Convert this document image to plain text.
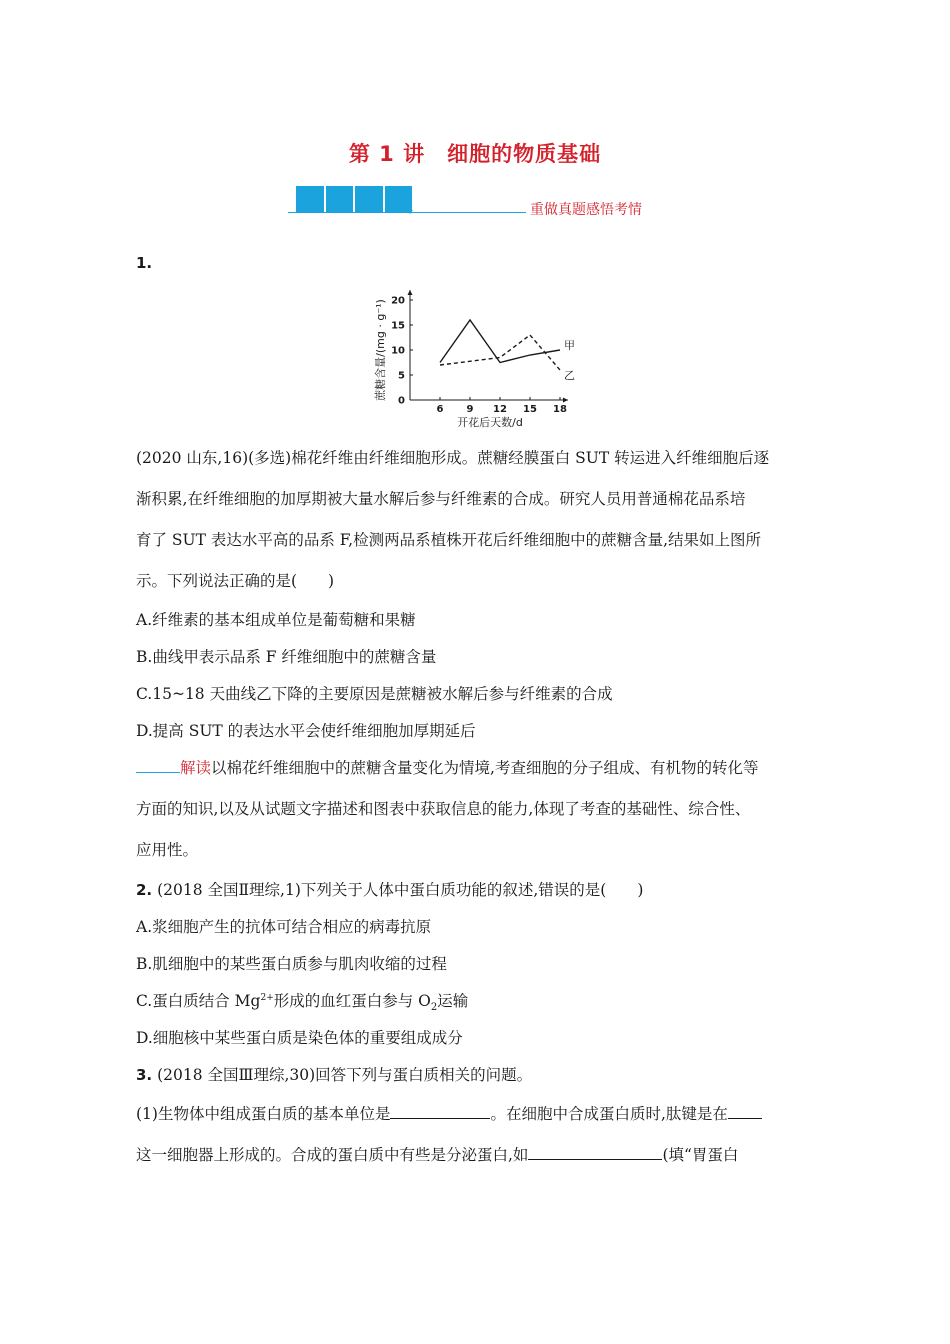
第 1 讲 细胞的物质基础
重做真题感悟考情
1.
6 9 12 15 18
0
5
10
15
20
甲
乙
蔗糖含量/(mg · g⁻¹)
开花后天数/d
(2020 山东,16)(多选)棉花纤维由纤维细胞形成。蔗糖经膜蛋白 SUT 转运进入纤维细胞后逐
渐积累,在纤维细胞的加厚期被大量水解后参与纤维素的合成。研究人员用普通棉花品系培
育了 SUT 表达水平高的品系 F,检测两品系植株开花后纤维细胞中的蔗糖含量,结果如上图所
示。下列说法正确的是(　　)
A.纤维素的基本组成单位是葡萄糖和果糖
B.曲线甲表示品系 F 纤维细胞中的蔗糖含量
C.15~18 天曲线乙下降的主要原因是蔗糖被水解后参与纤维素的合成
D.提高 SUT 的表达水平会使纤维细胞加厚期延后
解读以棉花纤维细胞中的蔗糖含量变化为情境,考查细胞的分子组成、有机物的转化等
方面的知识,以及从试题文字描述和图表中获取信息的能力,体现了考查的基础性、综合性、
应用性。
2. (2018 全国Ⅱ理综,1)下列关于人体中蛋白质功能的叙述,错误的是(　　)
A.浆细胞产生的抗体可结合相应的病毒抗原
B.肌细胞中的某些蛋白质参与肌肉收缩的过程
C.蛋白质结合 $Mg^{2+}$形成的血红蛋白参与 $O_2$运输
D.细胞核中某些蛋白质是染色体的重要组成成分
3. (2018 全国Ⅲ理综,30)回答下列与蛋白质相关的问题。
(1)生物体中组成蛋白质的基本单位是	。在细胞中合成蛋白质时,肽键是在
这一细胞器上形成的。合成的蛋白质中有些是分泌蛋白,如	(填“胃蛋白
